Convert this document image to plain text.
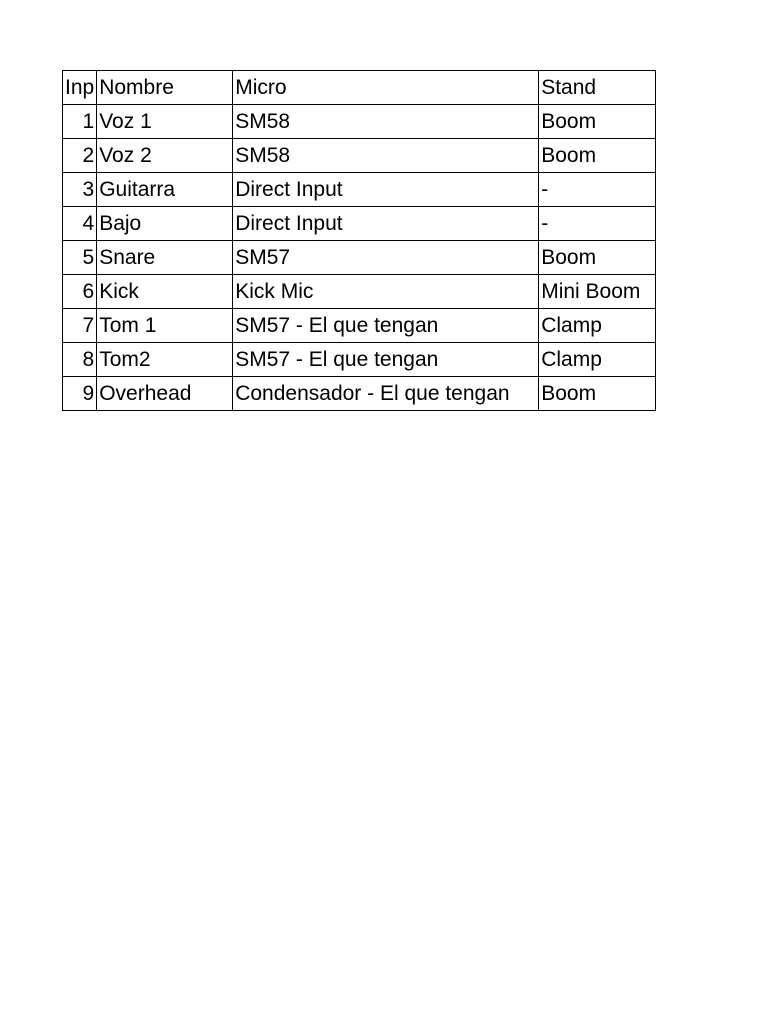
Inp	Nombre	Micro	Stand
1	Voz 1	SM58	Boom
2	Voz 2	SM58	Boom
3	Guitarra	Direct Input	-
4	Bajo	Direct Input	-
5	Snare	SM57	Boom
6	Kick	Kick Mic	Mini Boom
7	Tom 1	SM57 - El que tengan	Clamp
8	Tom2	SM57 - El que tengan	Clamp
9	Overhead	Condensador - El que tengan	Boom
